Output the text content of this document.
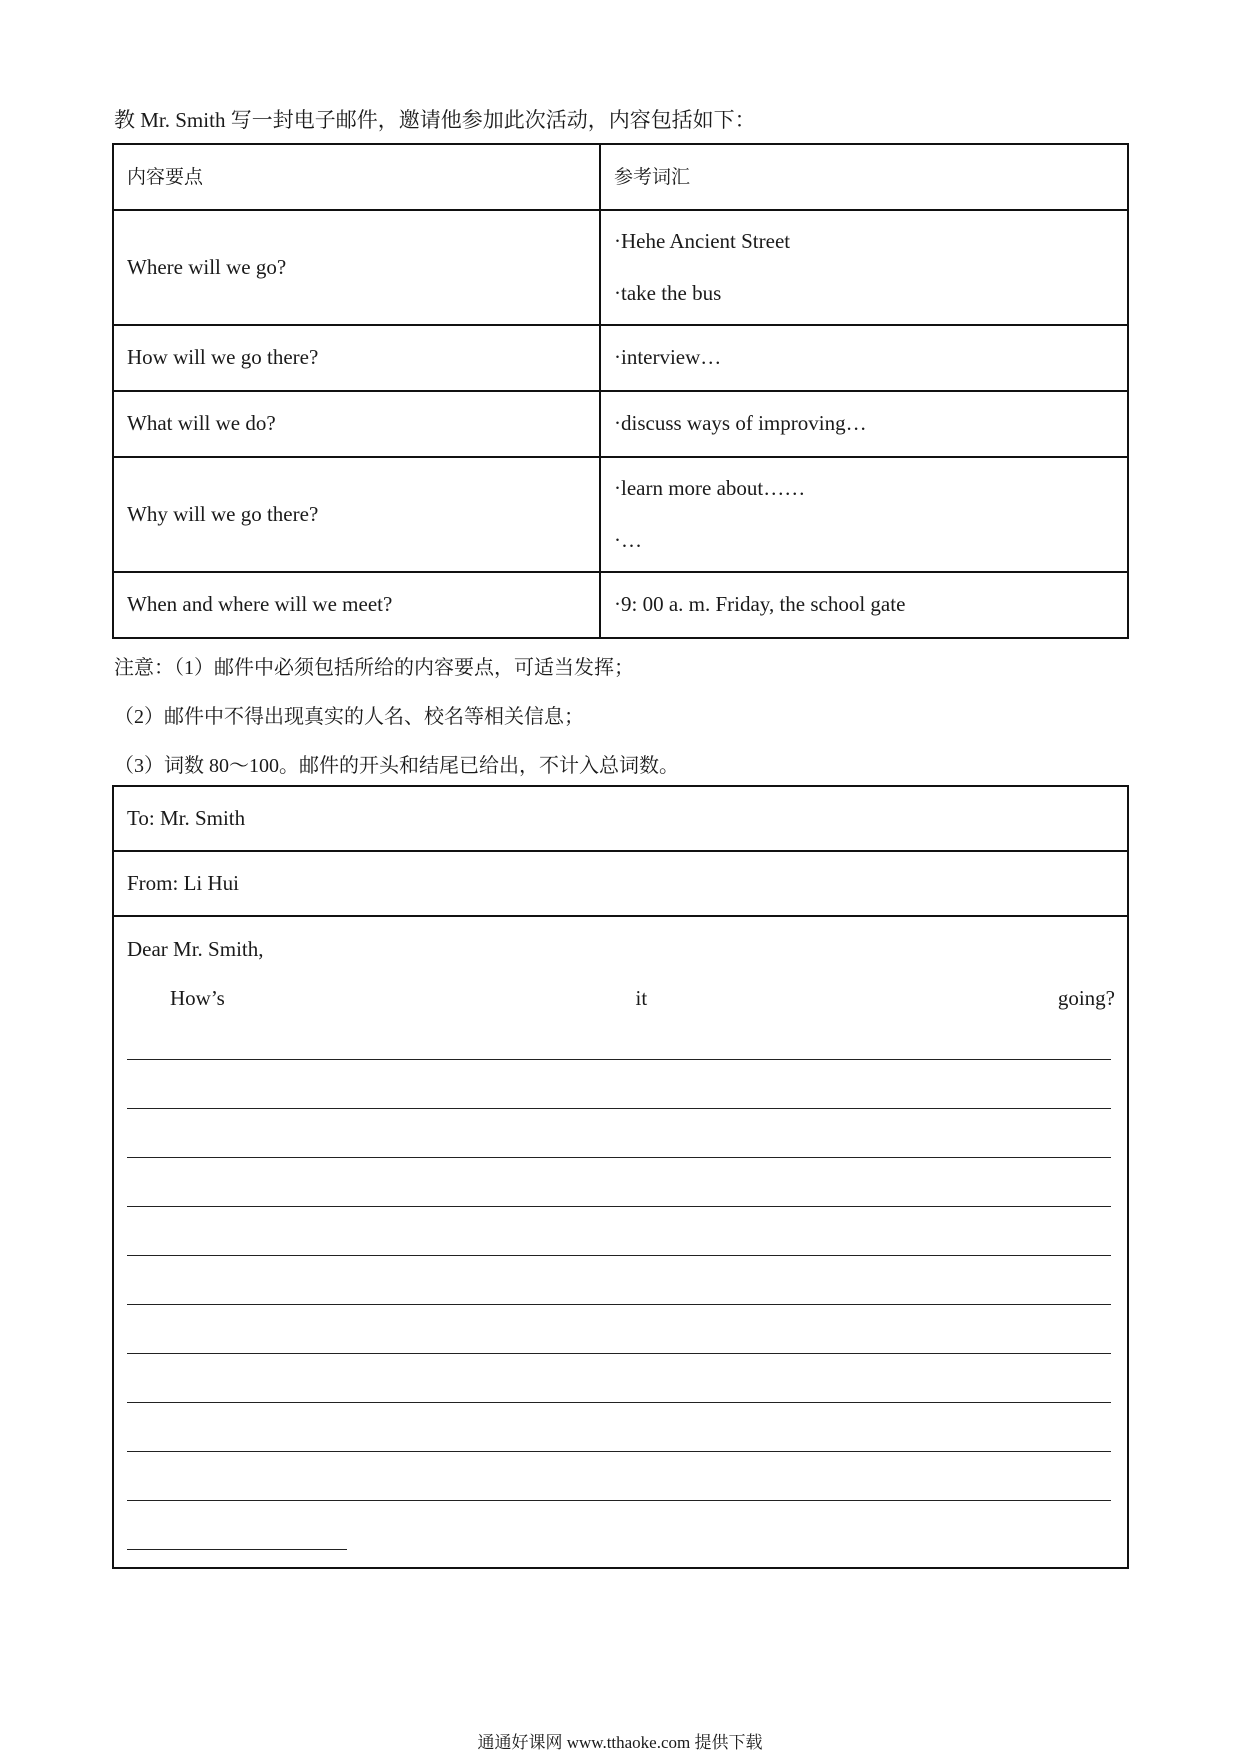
教 Mr. Smith 写一封电子邮件，邀请他参加此次活动，内容包括如下：
内容要点	参考词汇
Where will we go?	·Hehe Ancient Street
·take the bus

How will we go there?	·interview…

What will we do?	·discuss ways of improving…

Why will we go there?	·learn more about……
·…

When and where will we meet?	·9: 00 a. m. Friday, the school gate
注意：（1）邮件中必须包括所给的内容要点，可适当发挥；
（2）邮件中不得出现真实的人名、校名等相关信息；
（3）词数 80～100。邮件的开头和结尾已给出，不计入总词数。
To: Mr. Smith
From: Li Hui
Dear Mr. Smith,
How’s	it	going?
通通好课网 www.tthaoke.com 提供下载
